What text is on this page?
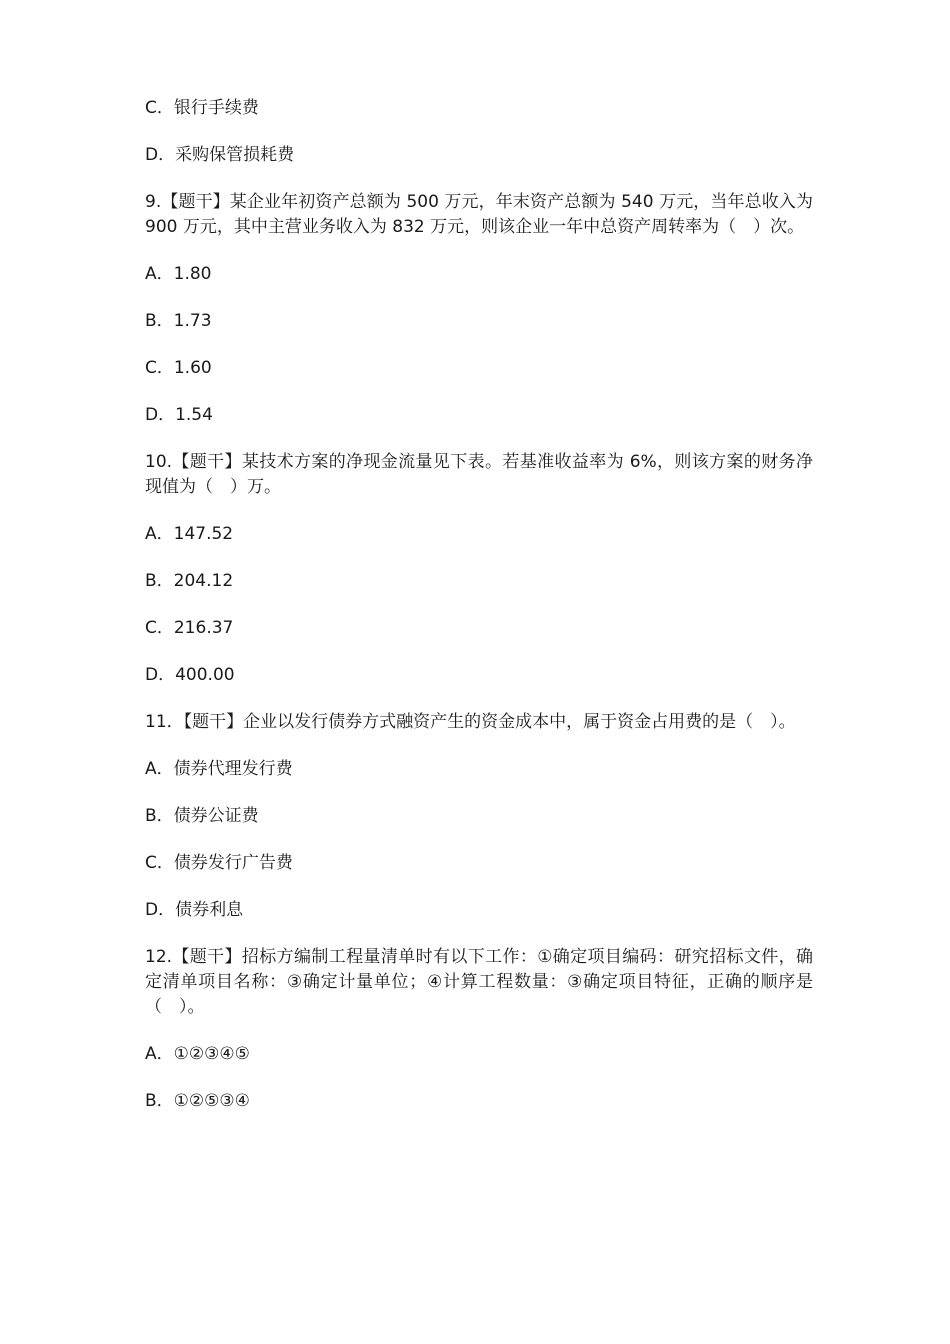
C．银行手续费

D．采购保管损耗费

9.【题干】某企业年初资产总额为 500 万元，年末资产总额为 540 万元，当年总收入为 900 万元，其中主营业务收入为 832 万元，则该企业一年中总资产周转率为（　）次。

A．1.80

B．1.73

C．1.60

D．1.54

10.【题干】某技术方案的净现金流量见下表。若基准收益率为 6%，则该方案的财务净现值为（　）万。

A．147.52

B．204.12

C．216.37

D．400.00

11．【题干】企业以发行债券方式融资产生的资金成本中，属于资金占用费的是（　）。

A．债券代理发行费

B．债券公证费

C．债券发行广告费

D．债券利息

12.【题干】招标方编制工程量清单时有以下工作：①确定项目编码：研究招标文件，确定清单项目名称：③确定计量单位；④计算工程数量：③确定项目特征，正确的顺序是（　）。

A．①②③④⑤

B．①②⑤③④
